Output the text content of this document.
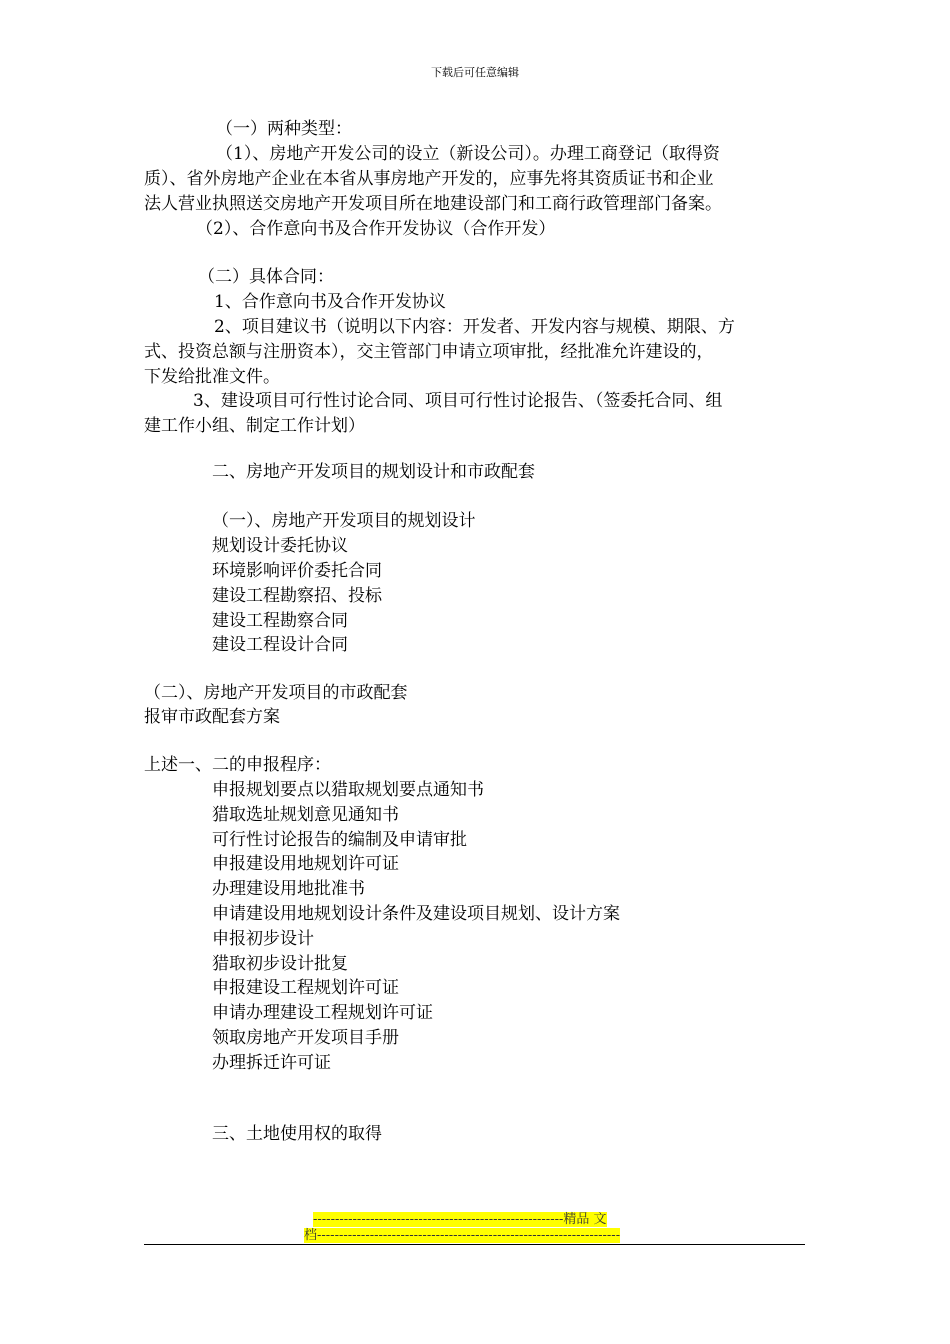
下载后可任意编辑
（一）两种类型：
（1）、房地产开发公司的设立（新设公司）。办理工商登记（取得资
质）、省外房地产企业在本省从事房地产开发的，应事先将其资质证书和企业
法人营业执照送交房地产开发项目所在地建设部门和工商行政管理部门备案。
（2）、合作意向书及合作开发协议（合作开发）
（二）具体合同：
1、合作意向书及合作开发协议
2、项目建议书（说明以下内容：开发者、开发内容与规模、期限、方
式、投资总额与注册资本），交主管部门申请立项审批，经批准允许建设的，
下发给批准文件。
3、建设项目可行性讨论合同、项目可行性讨论报告、（签委托合同、组
建工作小组、制定工作计划）
二、房地产开发项目的规划设计和市政配套
（一）、房地产开发项目的规划设计
规划设计委托协议
环境影响评价委托合同
建设工程勘察招、投标
建设工程勘察合同
建设工程设计合同
（二）、房地产开发项目的市政配套
报审市政配套方案
上述一、二的申报程序：
申报规划要点以猎取规划要点通知书
猎取选址规划意见通知书
可行性讨论报告的编制及申请审批
申报建设用地规划许可证
办理建设用地批准书
申请建设用地规划设计条件及建设项目规划、设计方案
申报初步设计
猎取初步设计批复
申报建设工程规划许可证
申请办理建设工程规划许可证
领取房地产开发项目手册
办理拆迁许可证
三、土地使用权的取得
---------------------------------------------------------精品 文
档---------------------------------------------------------------------
